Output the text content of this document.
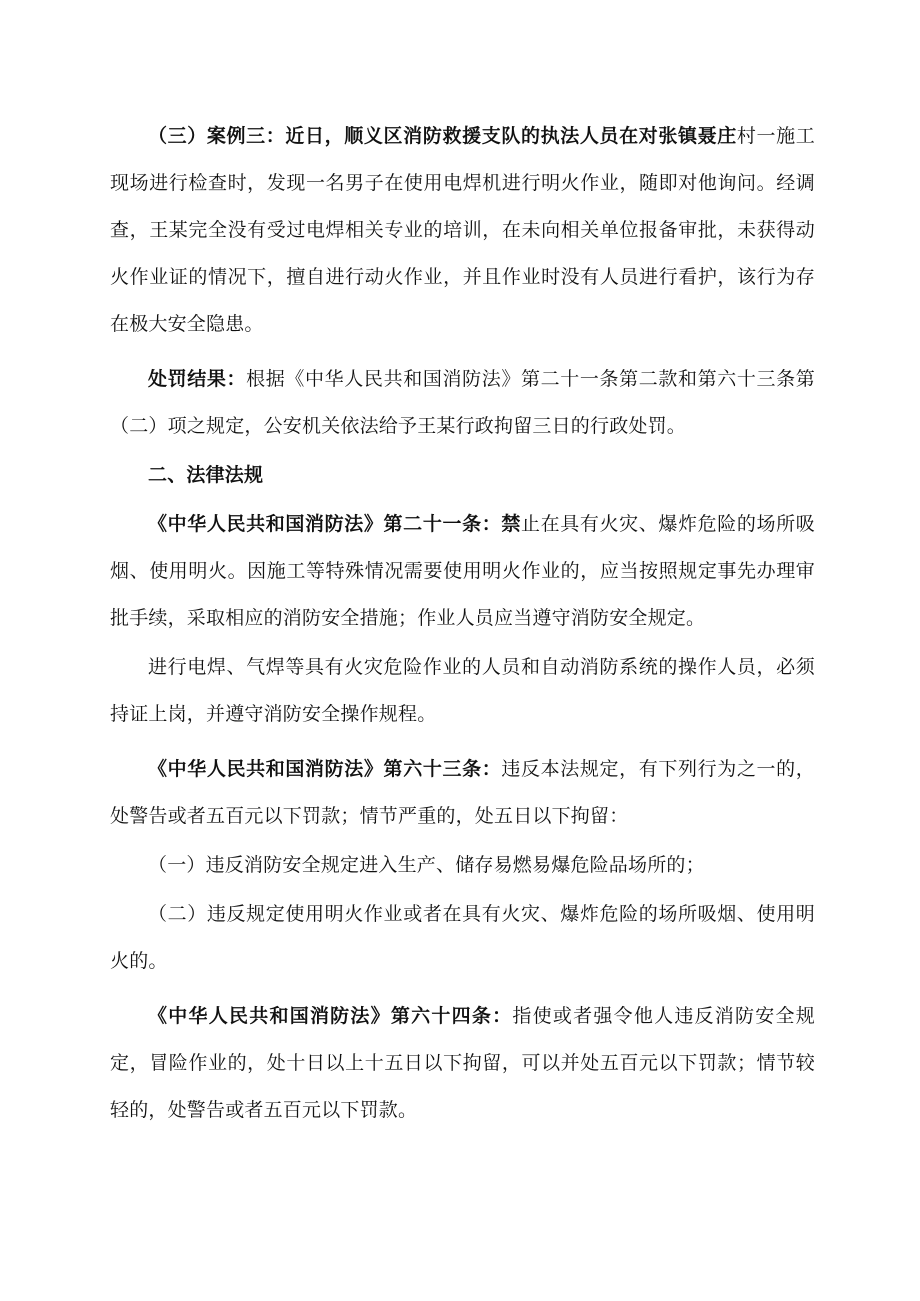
（三）案例三：近日，顺义区消防救援支队的执法人员在对张镇聂庄村一施工现场进行检查时，发现一名男子在使用电焊机进行明火作业，随即对他询问。经调查，王某完全没有受过电焊相关专业的培训，在未向相关单位报备审批，未获得动火作业证的情况下，擅自进行动火作业，并且作业时没有人员进行看护，该行为存在极大安全隐患。

处罚结果：根据《中华人民共和国消防法》第二十一条第二款和第六十三条第（二）项之规定，公安机关依法给予王某行政拘留三日的行政处罚。

二、法律法规

《中华人民共和国消防法》第二十一条：禁止在具有火灾、爆炸危险的场所吸烟、使用明火。因施工等特殊情况需要使用明火作业的，应当按照规定事先办理审批手续，采取相应的消防安全措施；作业人员应当遵守消防安全规定。

进行电焊、气焊等具有火灾危险作业的人员和自动消防系统的操作人员，必须持证上岗，并遵守消防安全操作规程。

《中华人民共和国消防法》第六十三条：违反本法规定，有下列行为之一的，处警告或者五百元以下罚款；情节严重的，处五日以下拘留：

（一）违反消防安全规定进入生产、储存易燃易爆危险品场所的；

（二）违反规定使用明火作业或者在具有火灾、爆炸危险的场所吸烟、使用明火的。

《中华人民共和国消防法》第六十四条：指使或者强令他人违反消防安全规定，冒险作业的，处十日以上十五日以下拘留，可以并处五百元以下罚款；情节较轻的，处警告或者五百元以下罚款。
